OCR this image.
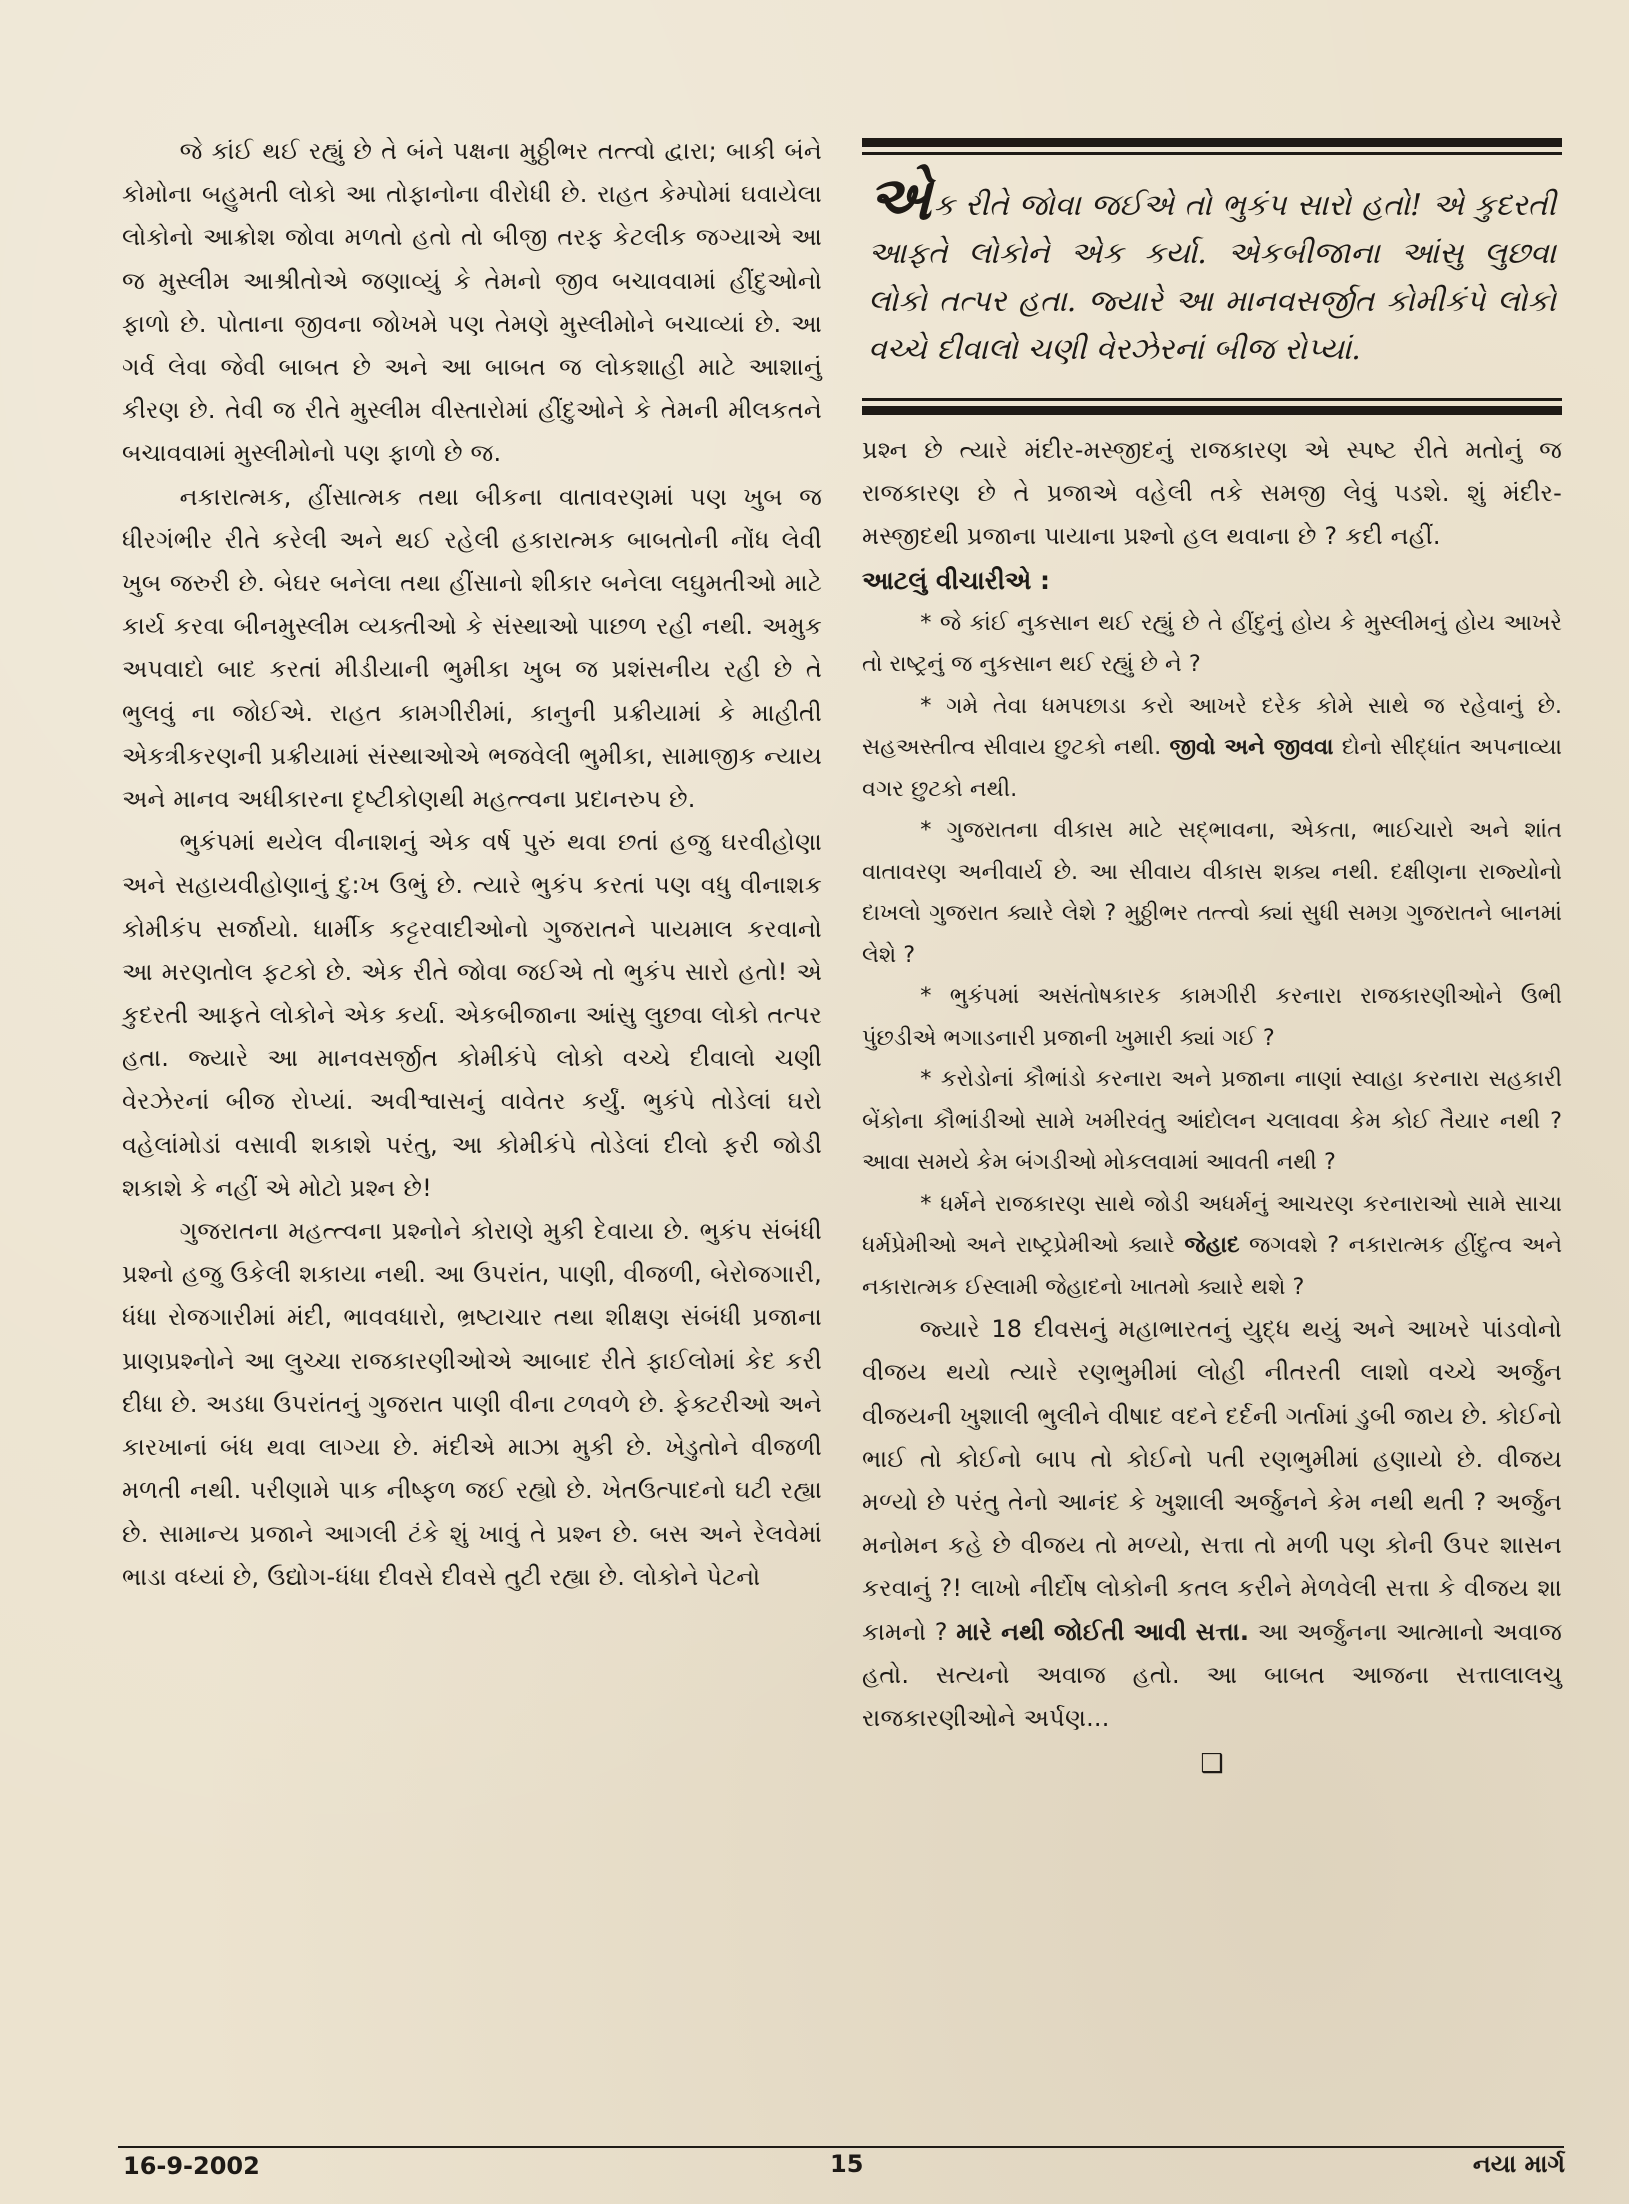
જે કાંઈ થઈ રહ્યું છે તે બંને પક્ષના મુઠ્ઠીભર તત્ત્વો દ્વારા; બાકી બંને કોમોના બહુમતી લોકો આ તોફાનોના વીરોધી છે. રાહત કેમ્પોમાં ઘવાયેલા લોકોનો આક્રોશ જોવા મળતો હતો તો બીજી તરફ કેટલીક જગ્યાએ આ જ મુસ્લીમ આશ્રીતોએ જણાવ્યું કે તેમનો જીવ બચાવવામાં હીંદુઓનો ફાળો છે. પોતાના જીવના જોખમે પણ તેમણે મુસ્લીમોને બચાવ્યાં છે. આ ગર્વ લેવા જેવી બાબત છે અને આ બાબત જ લોકશાહી માટે આશાનું કીરણ છે. તેવી જ રીતે મુસ્લીમ વીસ્તારોમાં હીંદુઓને કે તેમની મીલકતને બચાવવામાં મુસ્લીમોનો પણ ફાળો છે જ.

નકારાત્મક, હીંસાત્મક તથા બીકના વાતાવરણમાં પણ ખુબ જ ધીરગંભીર રીતે કરેલી અને થઈ રહેલી હકારાત્મક બાબતોની નોંધ લેવી ખુબ જરુરી છે. બેઘર બનેલા તથા હીંસાનો શીકાર બનેલા લઘુમતીઓ માટે કાર્ય કરવા બીનમુસ્લીમ વ્યક્તીઓ કે સંસ્થાઓ પાછળ રહી નથી. અમુક અપવાદો બાદ કરતાં મીડીયાની ભુમીકા ખુબ જ પ્રશંસનીય રહી છે તે ભુલવું ના જોઈએ. રાહત કામગીરીમાં, કાનુની પ્રક્રીયામાં કે માહીતી એકત્રીકરણની પ્રક્રીયામાં સંસ્થાઓએ ભજવેલી ભુમીકા, સામાજીક ન્યાય અને માનવ અધીકારના દૃષ્ટીકોણથી મહત્ત્વના પ્રદાનરુપ છે.

ભુકંપમાં થયેલ વીનાશનું એક વર્ષ પુરું થવા છતાં હજુ ઘરવીહોણા અને સહાયવીહોણાનું દુ:ખ ઉભું છે. ત્યારે ભુકંપ કરતાં પણ વધુ વીનાશક કોમીકંપ સર્જાયો. ધાર્મીક કટ્ટરવાદીઓનો ગુજરાતને પાયમાલ કરવાનો આ મરણતોલ ફટકો છે. એક રીતે જોવા જઈએ તો ભુકંપ સારો હતો! એ કુદરતી આફતે લોકોને એક કર્યા. એકબીજાના આંસુ લુછવા લોકો તત્પર હતા. જ્યારે આ માનવસર્જીત કોમીકંપે લોકો વચ્ચે દીવાલો ચણી વેરઝેરનાં બીજ રોપ્યાં. અવીશ્વાસનું વાવેતર કર્યું. ભુકંપે તોડેલાં ઘરો વહેલાંમોડાં વસાવી શકાશે પરંતુ, આ કોમીકંપે તોડેલાં દીલો ફરી જોડી શકાશે કે નહીં એ મોટો પ્રશ્ન છે!

ગુજરાતના મહત્ત્વના પ્રશ્નોને કોરાણે મુકી દેવાયા છે. ભુકંપ સંબંધી પ્રશ્નો હજુ ઉકેલી શકાયા નથી. આ ઉપરાંત, પાણી, વીજળી, બેરોજગારી, ધંધા રોજગારીમાં મંદી, ભાવવધારો, ભ્રષ્ટાચાર તથા શીક્ષણ સંબંધી પ્રજાના પ્રાણપ્રશ્નોને આ લુચ્ચા રાજકારણીઓએ આબાદ રીતે ફાઈલોમાં કેદ કરી દીધા છે. અડધા ઉપરાંતનું ગુજરાત પાણી વીના ટળવળે છે. ફેક્ટરીઓ અને કારખાનાં બંધ થવા લાગ્યા છે. મંદીએ માઝા મુકી છે. ખેડુતોને વીજળી મળતી નથી. પરીણામે પાક નીષ્ફળ જઈ રહ્યો છે. ખેતઉત્પાદનો ઘટી રહ્યા છે. સામાન્ય પ્રજાને આગલી ટંકે શું ખાવું તે પ્રશ્ન છે. બસ અને રેલવેમાં ભાડા વધ્યાં છે, ઉદ્યોગ-ધંધા દીવસે દીવસે તુટી રહ્યા છે. લોકોને પેટનો

એક રીતે જોવા જઈએ તો ભુકંપ સારો હતો! એ કુદરતી આફતે લોકોને એક કર્યા. એકબીજાના આંસુ લુછવા લોકો તત્પર હતા. જ્યારે આ માનવસર્જીત કોમીકંપે લોકો વચ્ચે દીવાલો ચણી વેરઝેરનાં બીજ રોપ્યાં.

પ્રશ્ન છે ત્યારે મંદીર-મસ્જીદનું રાજકારણ એ સ્પષ્ટ રીતે મતોનું જ રાજકારણ છે તે પ્રજાએ વહેલી તકે સમજી લેવું પડશે. શું મંદીર-મસ્જીદથી પ્રજાના પાયાના પ્રશ્નો હલ થવાના છે ? કદી નહીં.

આટલું વીચારીએ :

* જે કાંઈ નુકસાન થઈ રહ્યું છે તે હીંદુનું હોય કે મુસ્લીમનું હોય આખરે તો રાષ્ટ્રનું જ નુકસાન થઈ રહ્યું છે ને ?

* ગમે તેવા ધમપછાડા કરો આખરે દરેક કોમે સાથે જ રહેવાનું છે. સહઅસ્તીત્વ સીવાય છુટકો નથી. જીવો અને જીવવા દોનો સીદ્ધાંત અપનાવ્યા વગર છુટકો નથી.

* ગુજરાતના વીકાસ માટે સદ્ભાવના, એકતા, ભાઈચારો અને શાંત વાતાવરણ અનીવાર્ય છે. આ સીવાય વીકાસ શક્ય નથી. દક્ષીણના રાજ્યોનો દાખલો ગુજરાત ક્યારે લેશે ? મુઠ્ઠીભર તત્ત્વો ક્યાં સુધી સમગ્ર ગુજરાતને બાનમાં લેશે ?

* ભુકંપમાં અસંતોષકારક કામગીરી કરનારા રાજકારણીઓને ઉભી પુંછડીએ ભગાડનારી પ્રજાની ખુમારી ક્યાં ગઈ ?

* કરોડોનાં કૌભાંડો કરનારા અને પ્રજાના નાણાં સ્વાહા કરનારા સહકારી બેંકોના કૌભાંડીઓ સામે ખમીરવંતુ આંદોલન ચલાવવા કેમ કોઈ તૈયાર નથી ? આવા સમયે કેમ બંગડીઓ મોકલવામાં આવતી નથી ?

* ધર્મને રાજકારણ સાથે જોડી અધર્મનું આચરણ કરનારાઓ સામે સાચા ધર્મપ્રેમીઓ અને રાષ્ટ્રપ્રેમીઓ ક્યારે જેહાદ જગવશે ? નકારાત્મક હીંદુત્વ અને નકારાત્મક ઈસ્લામી જેહાદનો ખાતમો ક્યારે થશે ?

જ્યારે 18 દીવસનું મહાભારતનું યુદ્ધ થયું અને આખરે પાંડવોનો વીજય થયો ત્યારે રણભુમીમાં લોહી નીતરતી લાશો વચ્ચે અર્જુન વીજયની ખુશાલી ભુલીને વીષાદ વદને દર્દની ગર્તામાં ડુબી જાય છે. કોઈનો ભાઈ તો કોઈનો બાપ તો કોઈનો પતી રણભુમીમાં હણાયો છે. વીજય મળ્યો છે પરંતુ તેનો આનંદ કે ખુશાલી અર્જુનને કેમ નથી થતી ? અર્જુન મનોમન કહે છે વીજય તો મળ્યો, સત્તા તો મળી પણ કોની ઉપર શાસન કરવાનું ?! લાખો નીર્દોષ લોકોની કતલ કરીને મેળવેલી સત્તા કે વીજય શા કામનો ? મારે નથી જોઈતી આવી સત્તા. આ અર્જુનના આત્માનો અવાજ હતો. સત્યનો અવાજ હતો. આ બાબત આજના સત્તાલાલચુ રાજકારણીઓને અર્પણ...

❑
16-9-2002	15	નયા માર્ગ
